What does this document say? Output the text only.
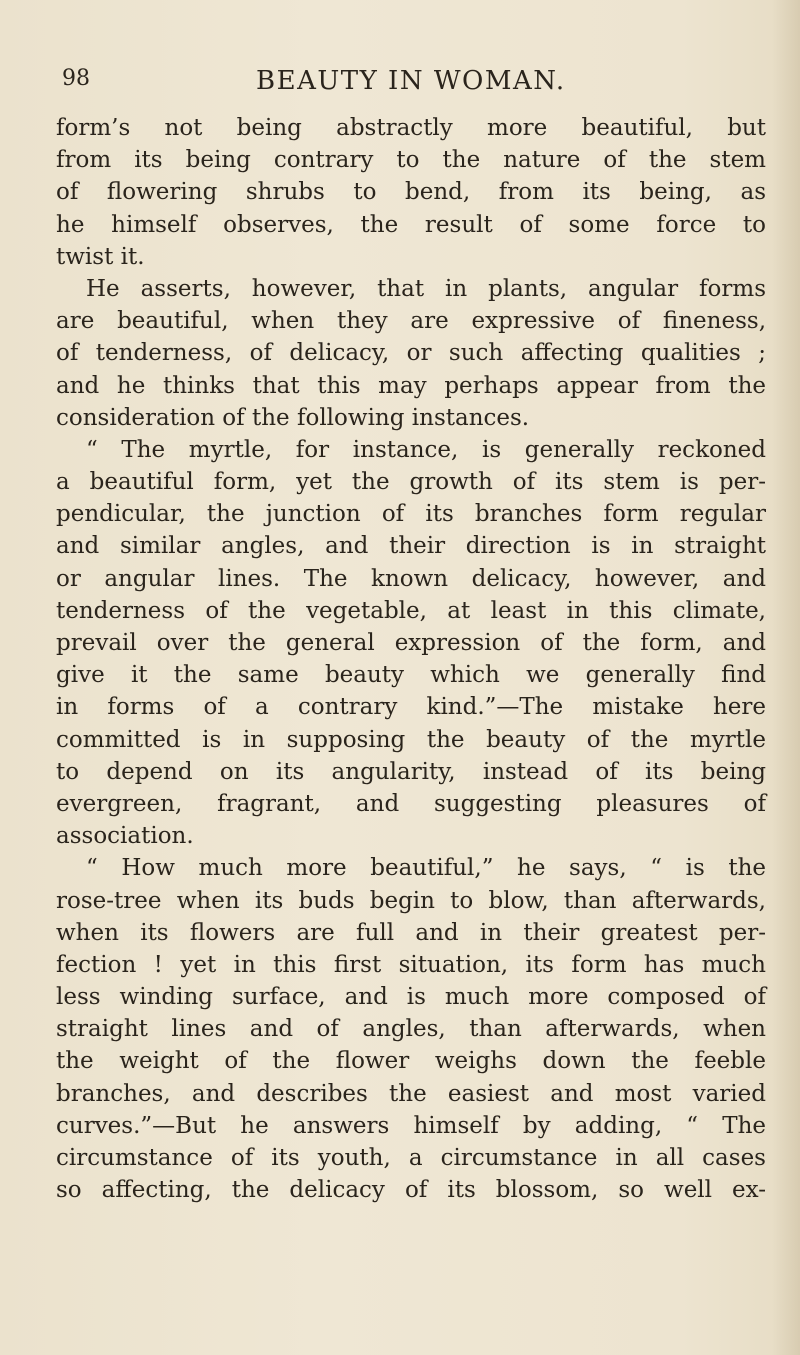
98	BEAUTY IN WOMAN.
form’s not being abstractly more beautiful, but
from its being contrary to the nature of the stem
of flowering shrubs to bend, from its being, as
he himself observes, the result of some force to
twist it.
He asserts, however, that in plants, angular forms
are beautiful, when they are expressive of fineness,
of tenderness, of delicacy, or such affecting qualities ;
and he thinks that this may perhaps appear from the
consideration of the following instances.
“ The myrtle, for instance, is generally reckoned
a beautiful form, yet the growth of its stem is per-
pendicular, the junction of its branches form regular
and similar angles, and their direction is in straight
or angular lines. The known delicacy, however, and
tenderness of the vegetable, at least in this climate,
prevail over the general expression of the form, and
give it the same beauty which we generally find
in forms of a contrary kind.”—The mistake here
committed is in supposing the beauty of the myrtle
to depend on its angularity, instead of its being
evergreen, fragrant, and suggesting pleasures of
association.
“ How much more beautiful,” he says, “ is the
rose-tree when its buds begin to blow, than afterwards,
when its flowers are full and in their greatest per-
fection ! yet in this first situation, its form has much
less winding surface, and is much more composed of
straight lines and of angles, than afterwards, when
the weight of the flower weighs down the feeble
branches, and describes the easiest and most varied
curves.”—But he answers himself by adding, “ The
circumstance of its youth, a circumstance in all cases
so affecting, the delicacy of its blossom, so well ex-
